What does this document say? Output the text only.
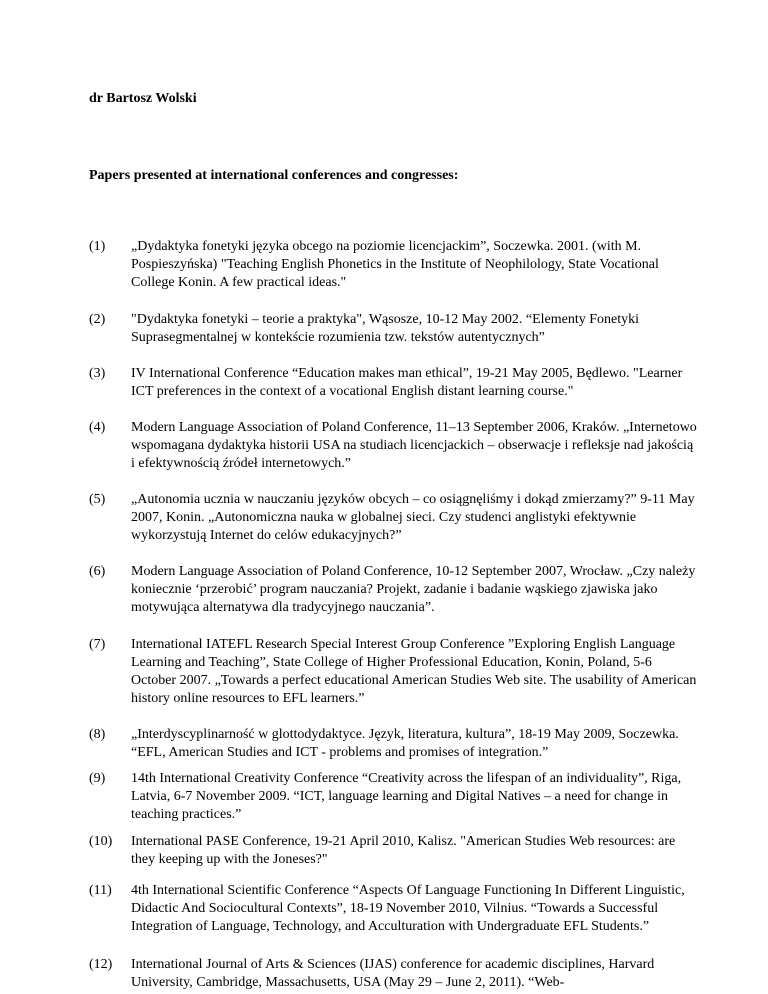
dr Bartosz Wolski
Papers presented at international conferences and congresses:
(1) „Dydaktyka fonetyki języka obcego na poziomie licencjackim”, Soczewka. 2001. (with M. Pospieszyńska) "Teaching English Phonetics in the Institute of Neophilology, State Vocational College Konin. A few practical ideas."
(2) "Dydaktyka fonetyki – teorie a praktyka", Wąsosze, 10-12 May 2002. “Elementy Fonetyki Suprasegmentalnej w kontekście rozumienia tzw. tekstów autentycznych”
(3) IV International Conference “Education makes man ethical”, 19-21 May 2005, Będlewo. "Learner ICT preferences in the context of a vocational English distant learning course."
(4) Modern Language Association of Poland Conference, 11–13 September 2006, Kraków. „Internetowo wspomagana dydaktyka historii USA na studiach licencjackich – obserwacje i refleksje nad jakością i efektywnością źródeł internetowych.”
(5) „Autonomia ucznia w nauczaniu języków obcych – co osiągnęliśmy i dokąd zmierzamy?” 9-11 May 2007, Konin. „Autonomiczna nauka w globalnej sieci. Czy studenci anglistyki efektywnie wykorzystują Internet do celów edukacyjnych?”
(6) Modern Language Association of Poland Conference, 10-12 September 2007, Wrocław. „Czy należy koniecznie ‘przerobić’ program nauczania? Projekt, zadanie i badanie wąskiego zjawiska jako motywująca alternatywa dla tradycyjnego nauczania”.
(7) International IATEFL Research Special Interest Group Conference ”Exploring English Language Learning and Teaching”, State College of Higher Professional Education, Konin, Poland, 5-6 October 2007. „Towards a perfect educational American Studies Web site. The usability of American history online resources to EFL learners.”
(8) „Interdyscyplinarność w glottodydaktyce. Język, literatura, kultura”, 18-19 May 2009, Soczewka. “EFL, American Studies and ICT - problems and promises of integration.”
(9) 14th International Creativity Conference “Creativity across the lifespan of an individuality”, Riga, Latvia, 6-7 November 2009. “ICT, language learning and Digital Natives – a need for change in teaching practices.”
(10) International PASE Conference, 19-21 April 2010, Kalisz. "American Studies Web resources: are they keeping up with the Joneses?"
(11) 4th International Scientific Conference “Aspects Of Language Functioning In Different Linguistic, Didactic And Sociocultural Contexts”, 18-19 November 2010, Vilnius. “Towards a Successful Integration of Language, Technology, and Acculturation with Undergraduate EFL Students.”
(12) International Journal of Arts & Sciences (IJAS) conference for academic disciplines, Harvard University, Cambridge, Massachusetts, USA (May 29 – June 2, 2011). “Web-
